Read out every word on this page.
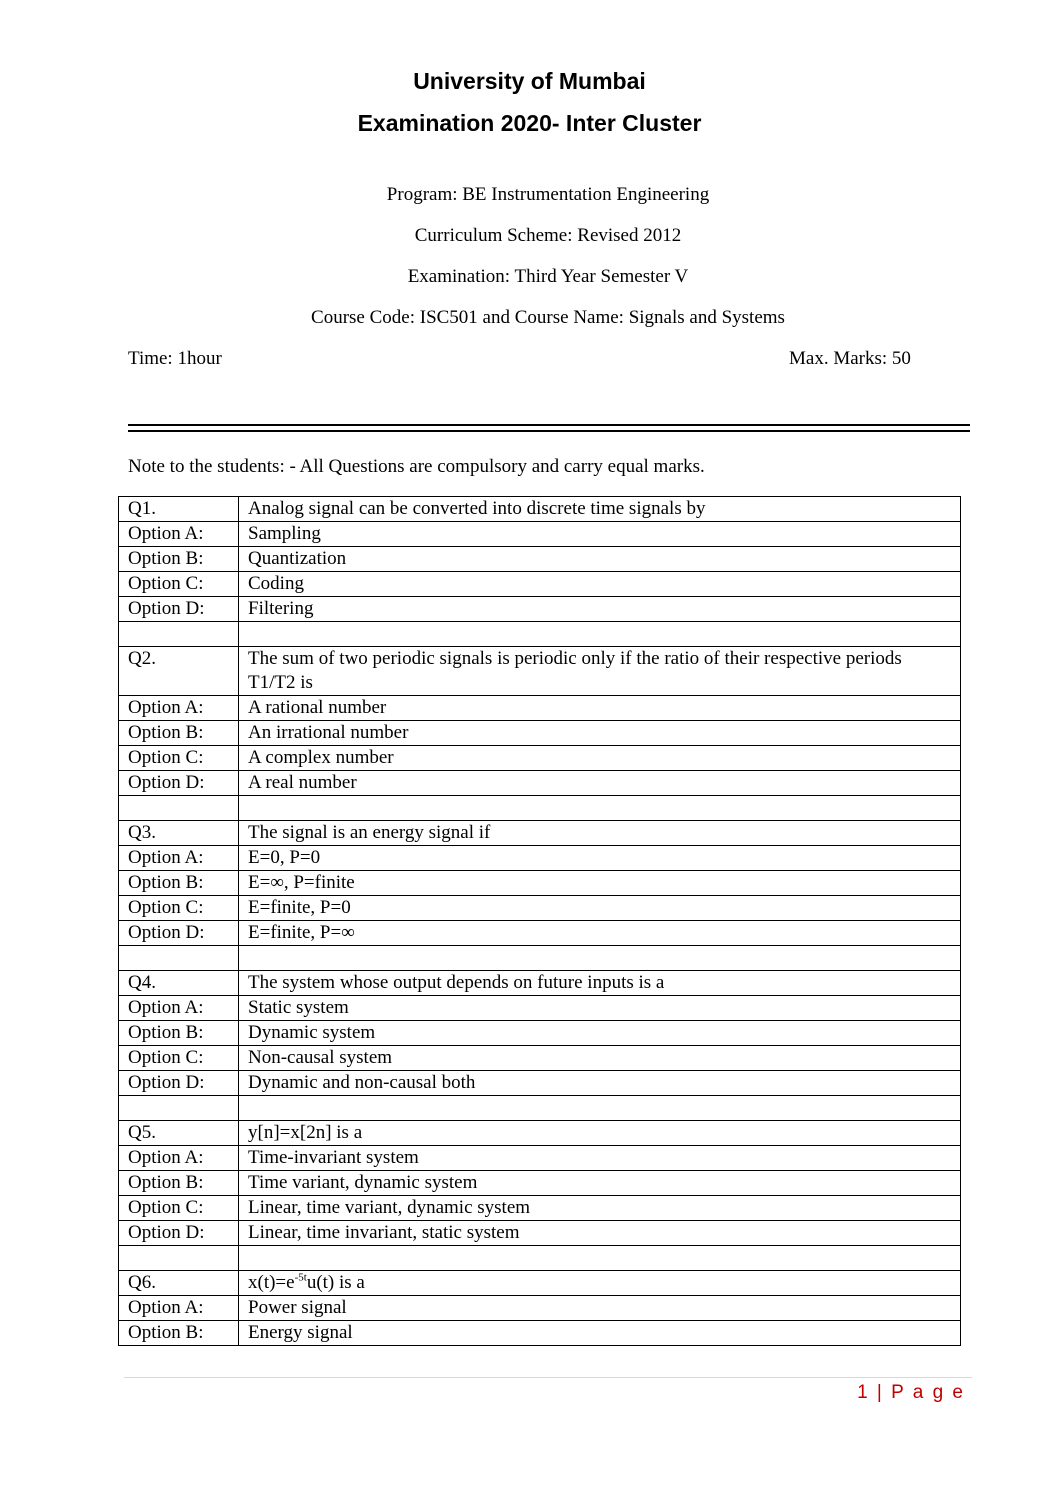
University of Mumbai
Examination 2020- Inter Cluster
Program: BE Instrumentation Engineering
Curriculum Scheme: Revised 2012
Examination: Third Year Semester V
Course Code: ISC501 and Course Name: Signals and Systems
Time: 1hour	Max. Marks: 50
Note to the students: - All Questions are compulsory and carry equal marks.
Q1.	Analog signal can be converted into discrete time signals by
Option A:	Sampling
Option B:	Quantization
Option C:	Coding
Option D:	Filtering

Q2.	The sum of two periodic signals is periodic only if the ratio of their respective periods T1/T2 is
Option A:	A rational number
Option B:	An irrational number
Option C:	A complex number
Option D:	A real number

Q3.	The signal is an energy signal if
Option A:	E=0, P=0
Option B:	E=∞, P=finite
Option C:	E=finite, P=0
Option D:	E=finite, P=∞

Q4.	The system whose output depends on future inputs is a
Option A:	Static system
Option B:	Dynamic system
Option C:	Non-causal system
Option D:	Dynamic and non-causal both

Q5.	y[n]=x[2n] is a
Option A:	Time-invariant system
Option B:	Time variant, dynamic system
Option C:	Linear, time variant, dynamic system
Option D:	Linear, time invariant, static system

Q6.	$x(t)=e^{-5t}u(t)$ is a
Option A:	Power signal
Option B:	Energy signal
1 | P a g e
